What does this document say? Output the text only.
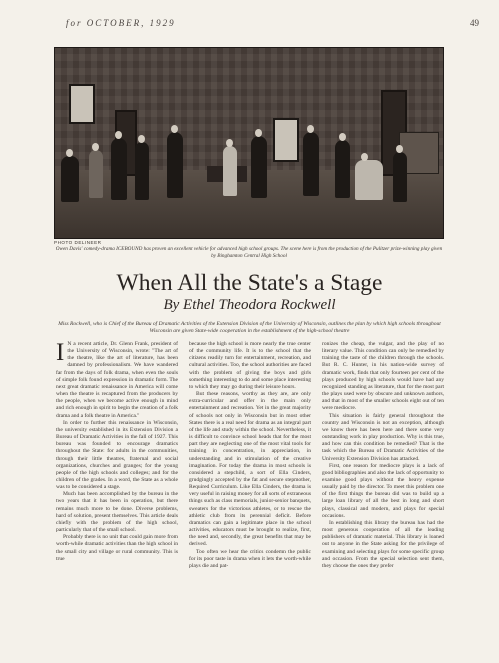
for OCTOBER, 1929	49
PHOTO DELINEER
Owen Davis' comedy-drama ICEBOUND has proven an excellent vehicle for advanced high school groups. The scene here is from the production of the Pulitzer prize-winning play given by Binghamton Central High School
When All the State's a Stage
By Ethel Theodora Rockwell
Miss Rockwell, who is Chief of the Bureau of Dramatic Activities of the Extension Division of the University of Wisconsin, outlines the plan by which high schools throughout Wisconsin are given State-wide cooperation in the establishment of the high-school theatre

I N a recent article, Dr. Glenn Frank, president of the University of Wisconsin, wrote: "The art of the theatre, like the art of literature, has been damned by professionalism. We have wandered far from the days of folk drama, when even the souls of simple folk found expression in dramatic form. The next great dramatic renaissance in America will come when the theatre is recaptured from the producers by the people, when we become active enough in mind and rich enough in spirit to begin the creation of a folk drama and a folk theatre in America."

In order to further this renaissance in Wisconsin, the university established in its Extension Division a Bureau of Dramatic Activities in the fall of 1927. This bureau was founded to encourage dramatics throughout the State: for adults in the communities, through their little theatres, fraternal and social organizations, churches and granges; for the young people of the high schools and colleges; and for the children of the grades. In a word, the State as a whole was to be considered a stage.

Much has been accomplished by the bureau in the two years that it has been in operation, but there remains much more to be done. Diverse problems, hard of solution, present themselves. This article deals chiefly with the problem of the high school, particularly that of the small school.

Probably there is no unit that could gain more from worth-while dramatic activities than the high school in the small city and village or rural community. This is true

because the high school is more nearly the true center of the community life. It is to the school that the citizens readily turn for entertainment, recreation, and cultural activities. Too, the school authorities are faced with the problem of giving the boys and girls something interesting to do and some place interesting to which they may go during their leisure hours.

But these reasons, worthy as they are, are only extra-curricular and offer in the main only entertainment and recreation. Yet in the great majority of schools not only in Wisconsin but in most other States there is a real need for drama as an integral part of the life and study within the school. Nevertheless, it is difficult to convince school heads that for the most part they are neglecting one of the most vital tools for training in concentration, in appreciation, in understanding and in stimulation of the creative imagination. For today the drama in most schools is considered a stepchild, a sort of Ella Cinders, grudgingly accepted by the fat and secure stepmother, Required Curriculum. Like Ella Cinders, the drama is very useful in raising money for all sorts of extraneous things such as class memorials, junior-senior banquets, sweaters for the victorious athletes, or to rescue the athletic club from its perennial deficit. Before dramatics can gain a legitimate place in the school activities, educators must be brought to realize, first, the need and, secondly, the great benefits that may be derived.

Too often we hear the critics condemn the public for its poor taste in drama when it lets the worth-while plays die and pat-

ronizes the cheap, the vulgar, and the play of no literary value. This condition can only be remedied by training the taste of the children through the schools. But R. C. Hunter, in his nation-wide survey of dramatic work, finds that only fourteen per cent of the plays produced by high schools would have had any recognized standing as literature, that for the most part the plays used were by obscure and unknown authors, and that in most of the smaller schools eight out of ten were mediocre.

This situation is fairly general throughout the country and Wisconsin is not an exception, although we know there has been here and there some very outstanding work in play production. Why is this true, and how can this condition be remedied? That is the task which the Bureau of Dramatic Activities of the University Extension Division has attacked.

First, one reason for mediocre plays is a lack of good bibliographies and also the lack of opportunity to examine good plays without the heavy expense usually paid by the director. To meet this problem one of the first things the bureau did was to build up a large loan library of all the best in long and short plays, classical and modern, and plays for special occasions.

In establishing this library the bureau has had the most generous cooperation of all the leading publishers of dramatic material. This library is loaned out to anyone in the State asking for the privilege of examining and selecting plays for some specific group and occasion. From the special selection sent them, they choose the ones they prefer
